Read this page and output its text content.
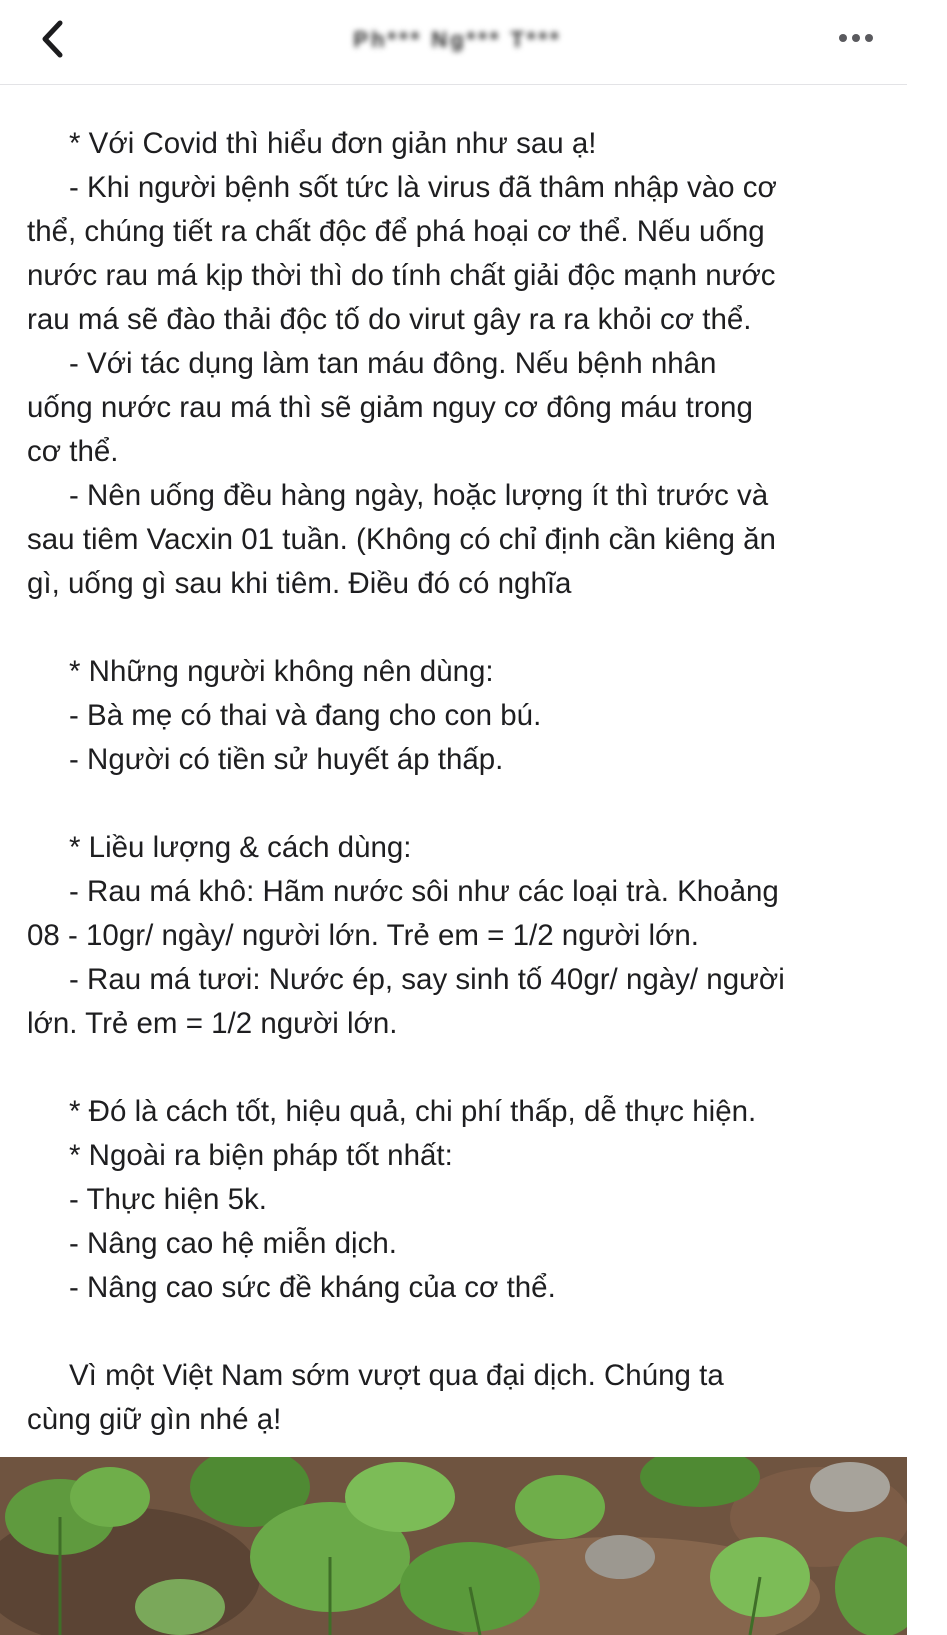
Ph*** Ng*** T***
* Với Covid thì hiểu đơn giản như sau ạ!
- Khi người bệnh sốt tức là virus đã thâm nhập vào cơ
thể, chúng tiết ra chất độc để phá hoại cơ thể. Nếu uống
nước rau má kịp thời thì do tính chất giải độc mạnh nước
rau má sẽ đào thải độc tố do virut gây ra ra khỏi cơ thể.
- Với tác dụng làm tan máu đông. Nếu bệnh nhân
uống nước rau má thì sẽ giảm nguy cơ đông máu trong
cơ thể.
- Nên uống đều hàng ngày, hoặc lượng ít thì trước và
sau tiêm Vacxin 01 tuần. (Không có chỉ định cần kiêng ăn
gì, uống gì sau khi tiêm. Điều đó có nghĩa
* Những người không nên dùng:
- Bà mẹ có thai và đang cho con bú.
- Người có tiền sử huyết áp thấp.
* Liều lượng & cách dùng:
- Rau má khô: Hãm nước sôi như các loại trà. Khoảng
08 - 10gr/ ngày/ người lớn. Trẻ em = 1/2 người lớn.
- Rau má tươi: Nước ép, say sinh tố 40gr/ ngày/ người
lớn. Trẻ em = 1/2 người lớn.
* Đó là cách tốt, hiệu quả, chi phí thấp, dễ thực hiện.
* Ngoài ra biện pháp tốt nhất:
- Thực hiện 5k.
- Nâng cao hệ miễn dịch.
- Nâng cao sức đề kháng của cơ thể.
Vì một Việt Nam sớm vượt qua đại dịch. Chúng ta
cùng giữ gìn nhé ạ!
